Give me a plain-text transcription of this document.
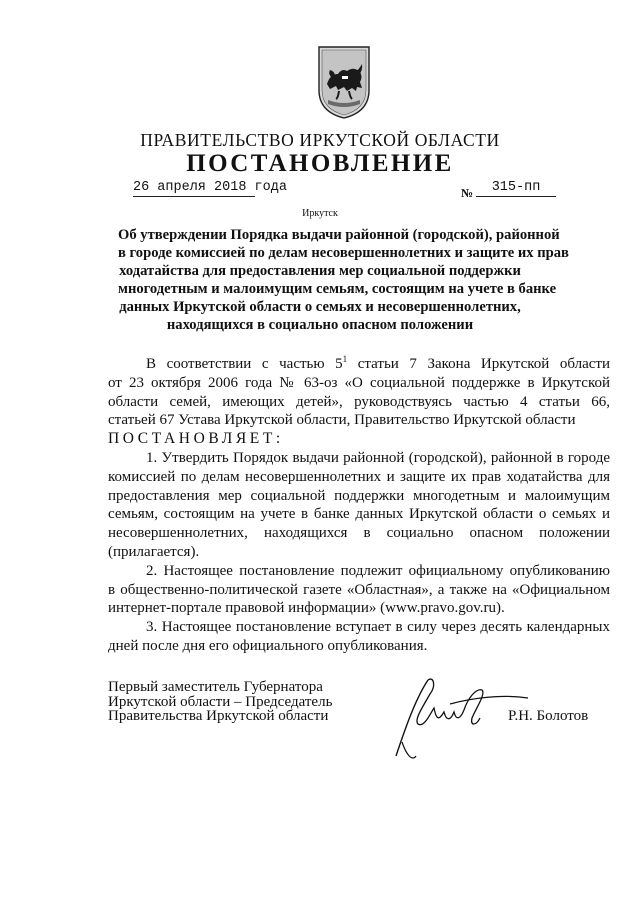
ПРАВИТЕЛЬСТВО ИРКУТСКОЙ ОБЛАСТИ
ПОСТАНОВЛЕНИЕ
26 апреля 2018 года	№	315-пп
Иркутск
Об утверждении Порядка выдачи районной (городской), районной
в городе комиссией по делам несовершеннолетних и защите их прав
ходатайства для предоставления мер социальной поддержки
многодетным и малоимущим семьям, состоящим на учете в банке
данных Иркутской области о семьях и несовершеннолетних,
находящихся в социально опасном положении
В соответствии с частью $5^1$ статьи 7 Закона Иркутской области
от 23 октября 2006 года № 63-оз «О социальной поддержке в Иркутской
области семей, имеющих детей», руководствуясь частью 4 статьи 66,
статьей 67 Устава Иркутской области, Правительство Иркутской области
ПОСТАНОВЛЯЕТ:
1. Утвердить Порядок выдачи районной (городской), районной в городе
комиссией по делам несовершеннолетних и защите их прав ходатайства для
предоставления мер социальной поддержки многодетным и малоимущим
семьям, состоящим на учете в банке данных Иркутской области о семьях и
несовершеннолетних, находящихся в социально опасном положении
(прилагается).
2. Настоящее постановление подлежит официальному опубликованию
в общественно-политической газете «Областная», а также на «Официальном
интернет-портале правовой информации» (www.pravo.gov.ru).
3. Настоящее постановление вступает в силу через десять календарных
дней после дня его официального опубликования.
Первый заместитель Губернатора
Иркутской области – Председатель
Правительства Иркутской области	Р.Н. Болотов
